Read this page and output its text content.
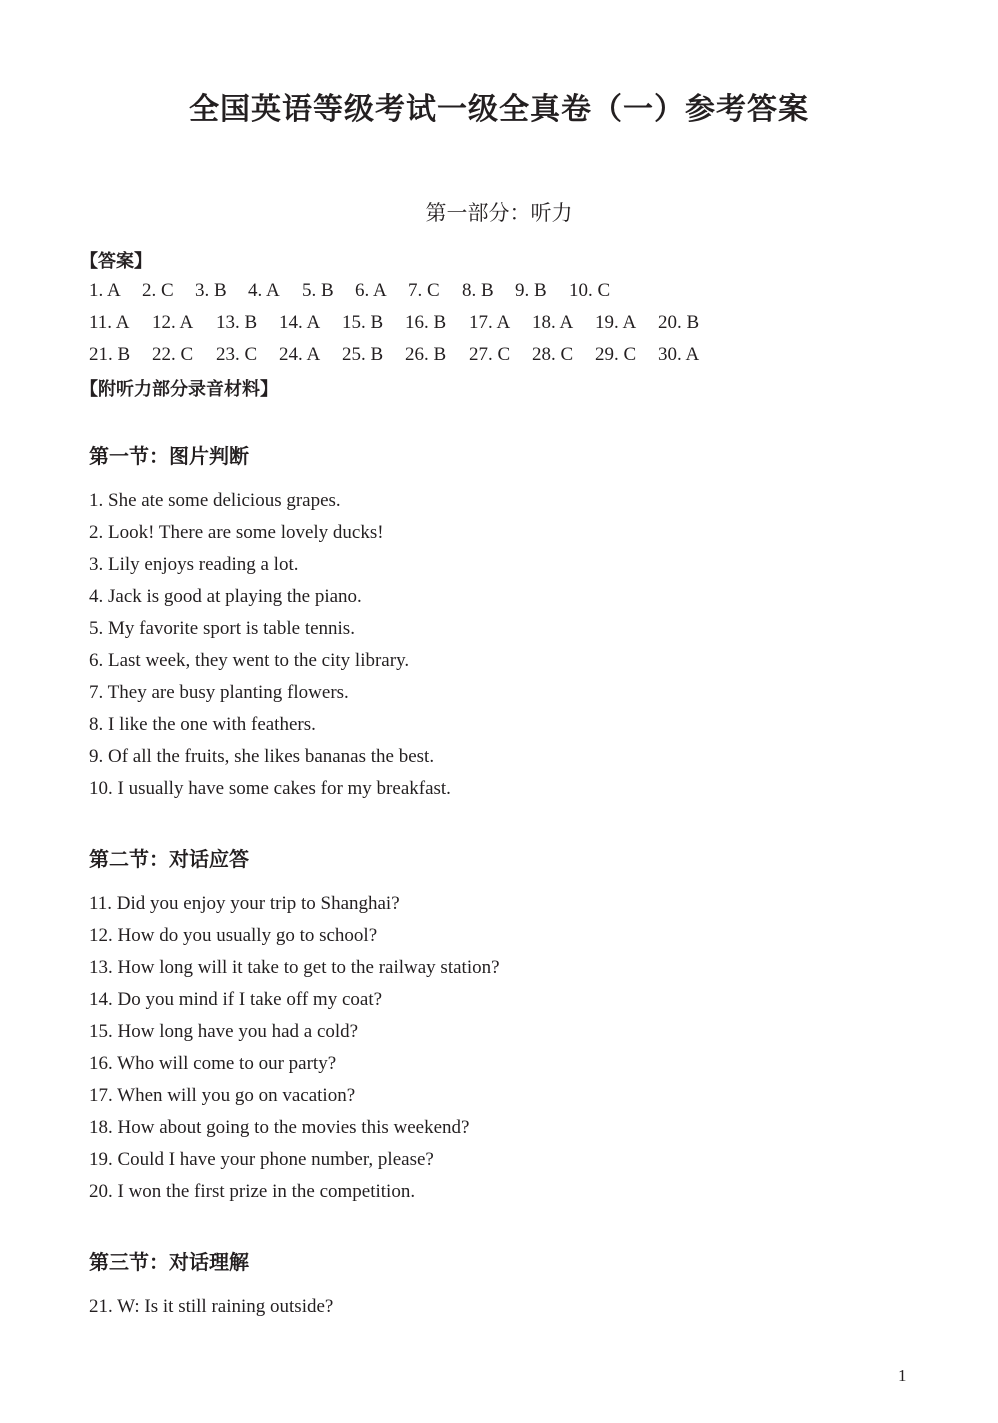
全国英语等级考试一级全真卷（一）参考答案
第一部分：听力
【答案】
1. A 2. C 3. B 4. A 5. B 6. A 7. C 8. B 9. B 10. C
11. A 12. A 13. B 14. A 15. B 16. B 17. A 18. A 19. A 20. B
21. B 22. C 23. C 24. A 25. B 26. B 27. C 28. C 29. C 30. A
【附听力部分录音材料】
第一节：图片判断
1. She ate some delicious grapes.
2. Look! There are some lovely ducks!
3. Lily enjoys reading a lot.
4. Jack is good at playing the piano.
5. My favorite sport is table tennis.
6. Last week, they went to the city library.
7. They are busy planting flowers.
8. I like the one with feathers.
9. Of all the fruits, she likes bananas the best.
10. I usually have some cakes for my breakfast.
第二节：对话应答
11. Did you enjoy your trip to Shanghai?
12. How do you usually go to school?
13. How long will it take to get to the railway station?
14. Do you mind if I take off my coat?
15. How long have you had a cold?
16. Who will come to our party?
17. When will you go on vacation?
18. How about going to the movies this weekend?
19. Could I have your phone number, please?
20. I won the first prize in the competition.
第三节：对话理解
21. W: Is it still raining outside?
1
